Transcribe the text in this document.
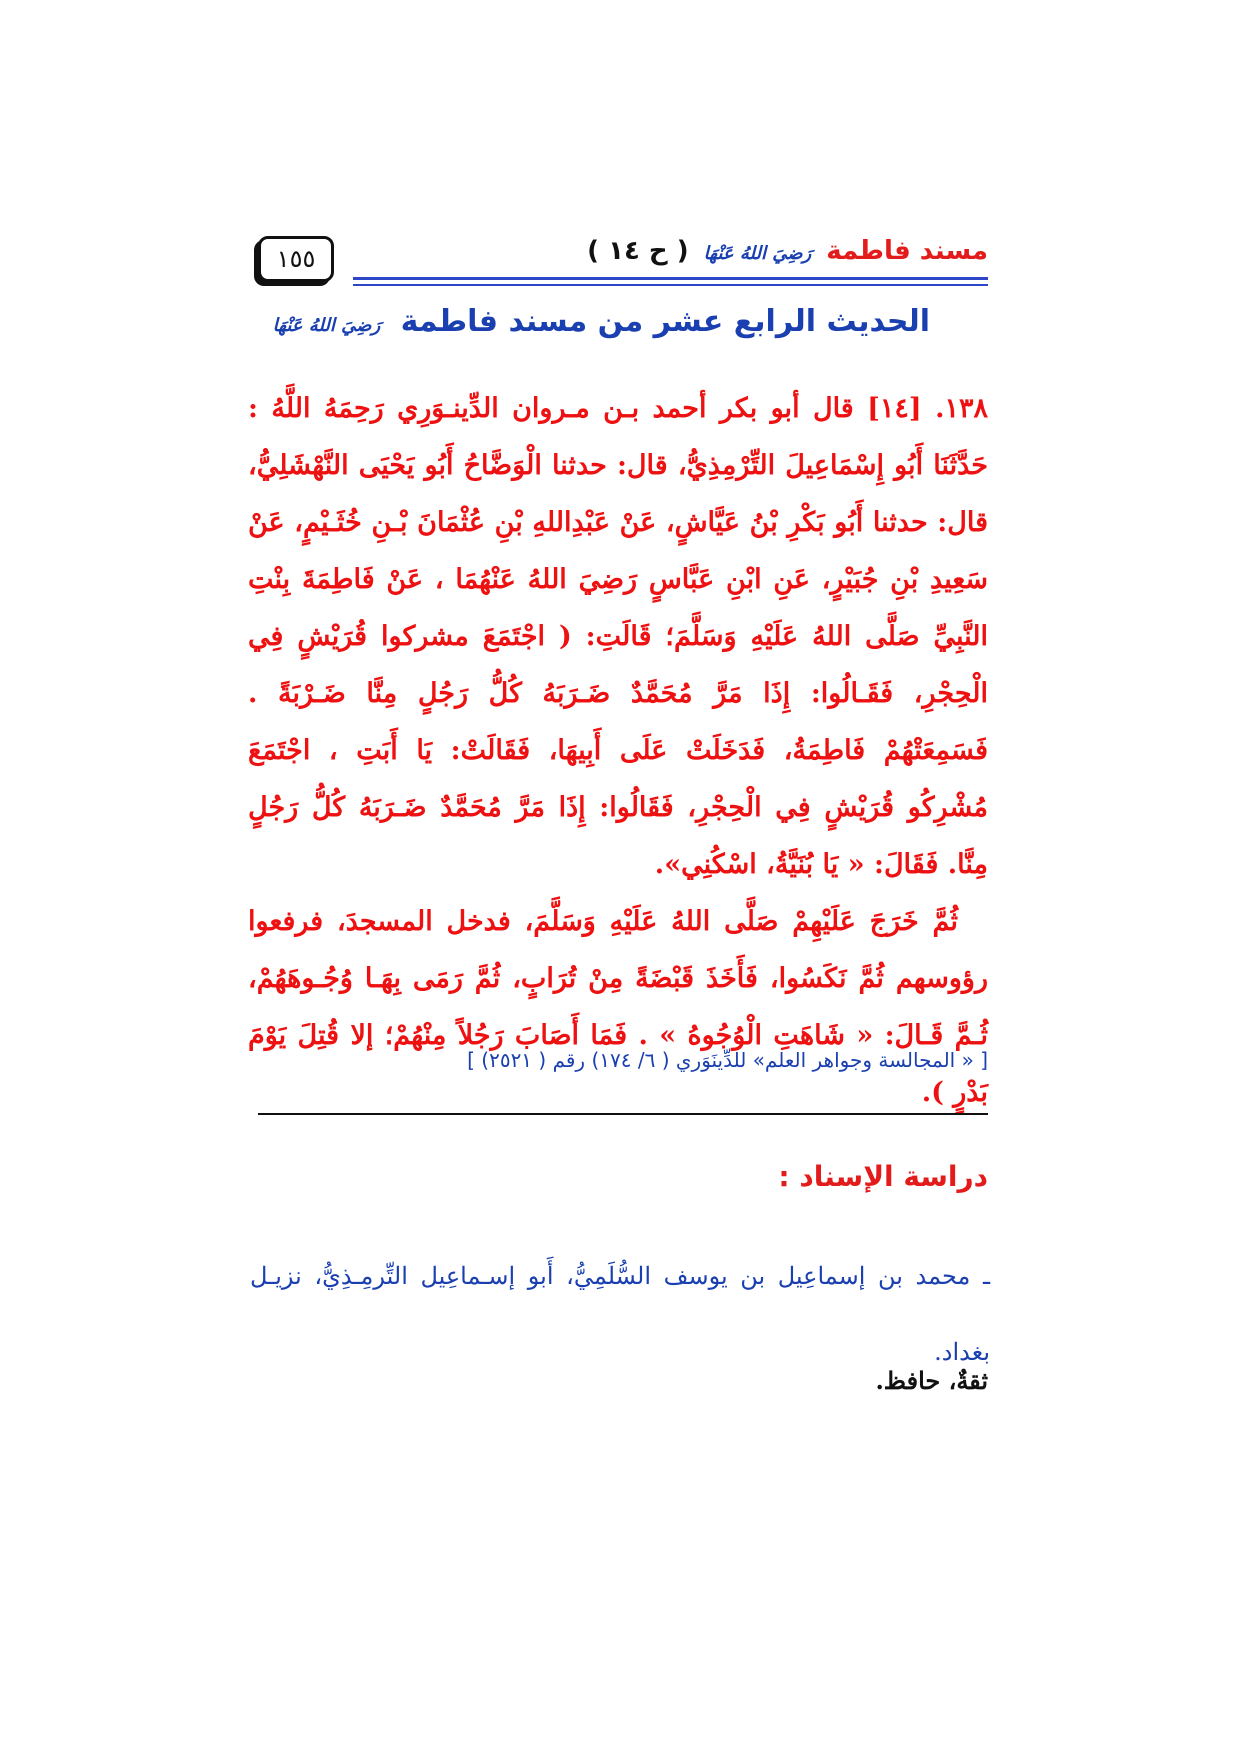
١٥٥	مسند فاطمة رَضِيَ اللهُ عَنْهَا ( ح ١٤ )
الحديث الرابع عشر من مسند فاطمة رَضِيَ اللهُ عَنْهَا

١٣٨. [١٤] قال أبو بكر أحمد بـن مـروان الدِّينـوَرِي رَحِمَهُ اللَّهُ : حَدَّثَنَا أَبُو إِسْمَاعِيلَ التِّرْمِذِيُّ، قال: حدثنا الْوَضَّاحُ أَبُو يَحْيَى النَّهْشَلِيُّ، قال: حدثنا أَبُو بَكْرِ بْنُ عَيَّاشٍ، عَنْ عَبْدِاللهِ بْنِ عُثْمَانَ بْـنِ خُثَـيْمٍ، عَنْ سَعِيدِ بْنِ جُبَيْرٍ، عَنِ ابْنِ عَبَّاسٍ رَضِيَ اللهُ عَنْهُمَا ، عَنْ فَاطِمَةَ بِنْتِ النَّبِيِّ صَلَّى اللهُ عَلَيْهِ وَسَلَّمَ؛ قَالَتِ: ( اجْتَمَعَ مشركوا قُرَيْشٍ فِي الْحِجْرِ، فَقَـالُوا: إِذَا مَرَّ مُحَمَّدٌ ضَـرَبَهُ كُلُّ رَجُلٍ مِنَّا ضَـرْبَةً . فَسَمِعَتْهُمْ فَاطِمَةُ، فَدَخَلَتْ عَلَى أَبِيهَا، فَقَالَتْ: يَا أَبَتِ ، اجْتَمَعَ مُشْرِكُو قُرَيْشٍ فِي الْحِجْرِ، فَقَالُوا: إِذَا مَرَّ مُحَمَّدٌ ضَـرَبَهُ كُلُّ رَجُلٍ مِنَّا. فَقَالَ: « يَا بُنَيَّةُ، اسْكُنِي».

ثُمَّ خَرَجَ عَلَيْهِمْ صَلَّى اللهُ عَلَيْهِ وَسَلَّمَ، فدخل المسجدَ، فرفعوا رؤوسهم ثُمَّ نَكَسُوا، فَأَخَذَ قَبْضَةً مِنْ تُرَابٍ، ثُمَّ رَمَى بِهَـا وُجُـوهَهُمْ، ثُـمَّ قَـالَ: « شَاهَتِ الْوُجُوهُ » . فَمَا أَصَابَ رَجُلاً مِنْهُمْ؛ إلا قُتِلَ يَوْمَ بَدْرٍ ).

[ « المجالسة وجواهر العلم» للدِّينَوَري ( ٦/ ١٧٤) رقم ( ٢٥٢١) ]
دراسة الإسناد :

ـ محمد بن إسماعِيل بن يوسف السُّلَمِيُّ، أَبو إسـماعِيل التِّرمِـذِيُّ، نزيـل بغداد.

ثقةٌ، حافظ.
